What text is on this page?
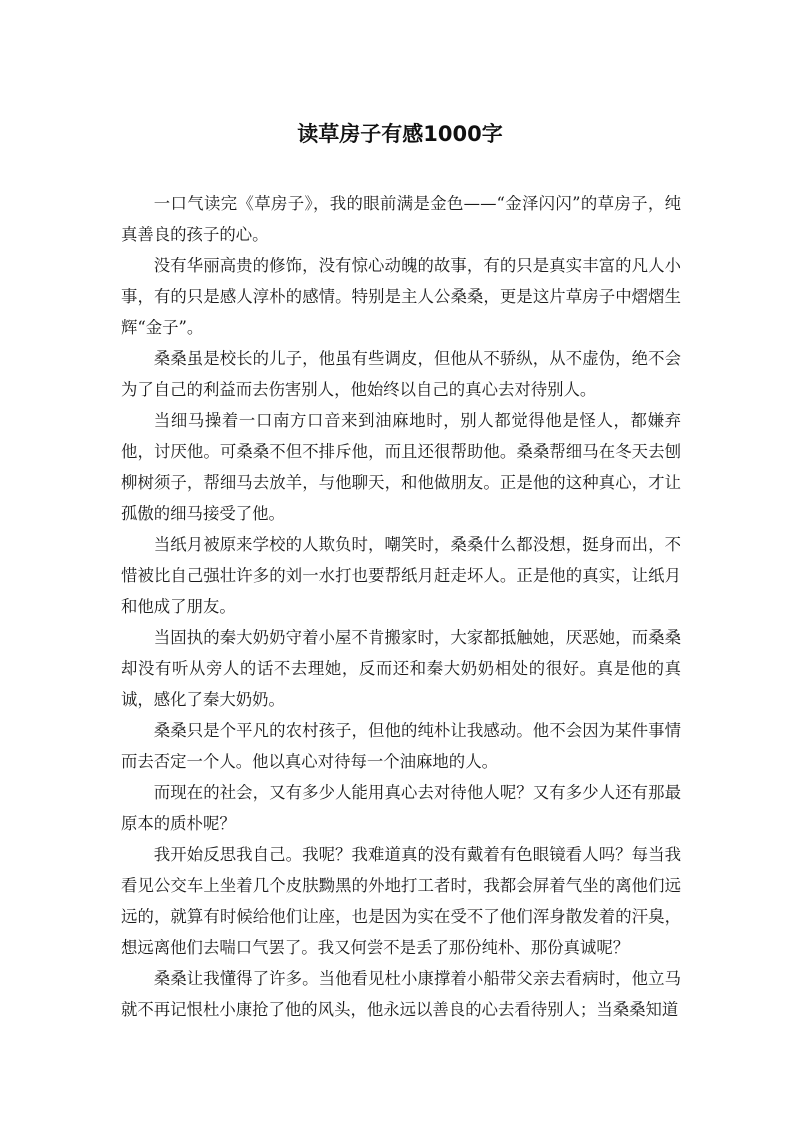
读草房子有感1000字

一口气读完《草房子》，我的眼前满是金色——“金泽闪闪”的草房子，纯真善良的孩子的心。

没有华丽高贵的修饰，没有惊心动魄的故事，有的只是真实丰富的凡人小事，有的只是感人淳朴的感情。特别是主人公桑桑，更是这片草房子中熠熠生辉“金子”。

桑桑虽是校长的儿子，他虽有些调皮，但他从不骄纵，从不虚伪，绝不会为了自己的利益而去伤害别人，他始终以自己的真心去对待别人。

当细马操着一口南方口音来到油麻地时，别人都觉得他是怪人，都嫌弃他，讨厌他。可桑桑不但不排斥他，而且还很帮助他。桑桑帮细马在冬天去刨柳树须子，帮细马去放羊，与他聊天，和他做朋友。正是他的这种真心，才让孤傲的细马接受了他。

当纸月被原来学校的人欺负时，嘲笑时，桑桑什么都没想，挺身而出，不惜被比自己强壮许多的刘一水打也要帮纸月赶走坏人。正是他的真实，让纸月和他成了朋友。

当固执的秦大奶奶守着小屋不肯搬家时，大家都抵触她，厌恶她，而桑桑却没有听从旁人的话不去理她，反而还和秦大奶奶相处的很好。真是他的真诚，感化了秦大奶奶。

桑桑只是个平凡的农村孩子，但他的纯朴让我感动。他不会因为某件事情而去否定一个人。他以真心对待每一个油麻地的人。

而现在的社会，又有多少人能用真心去对待他人呢？又有多少人还有那最原本的质朴呢？

我开始反思我自己。我呢？我难道真的没有戴着有色眼镜看人吗？每当我看见公交车上坐着几个皮肤黝黑的外地打工者时，我都会屏着气坐的离他们远远的，就算有时候给他们让座，也是因为实在受不了他们浑身散发着的汗臭，想远离他们去喘口气罢了。我又何尝不是丢了那份纯朴、那份真诚呢？

桑桑让我懂得了许多。当他看见杜小康撑着小船带父亲去看病时，他立马就不再记恨杜小康抢了他的风头，他永远以善良的心去看待别人；当桑桑知道
